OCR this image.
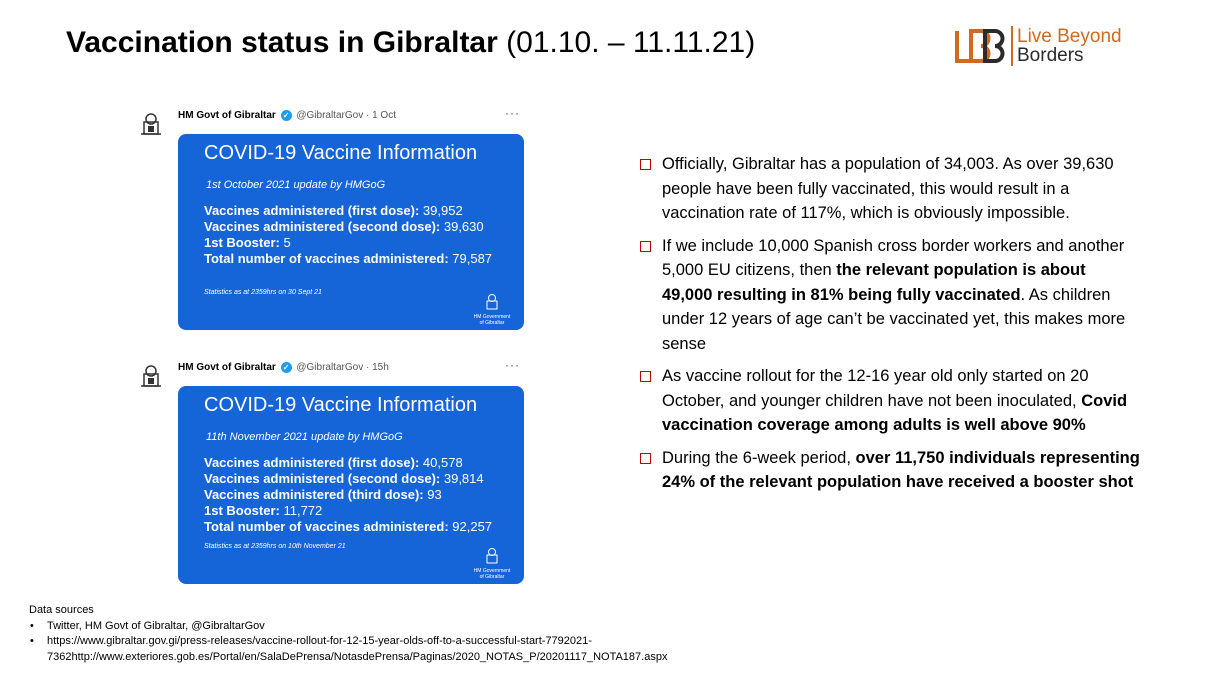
Vaccination status in Gibraltar (01.10. – 11.11.21)	Live Beyond
Borders
HM Govt of Gibraltar ✓ @GibraltarGov · 1 Oct	···
COVID-19 Vaccine Information
1st October 2021 update by HMGoG
Vaccines administered (first dose): 39,952
Vaccines administered (second dose): 39,630
1st Booster: 5
Total number of vaccines administered: 79,587
Statistics as at 2359hrs on 30 Sept 21
HM Government of Gibraltar
HM Govt of Gibraltar ✓ @GibraltarGov · 15h	···
COVID-19 Vaccine Information
11th November 2021 update by HMGoG
Vaccines administered (first dose): 40,578
Vaccines administered (second dose): 39,814
Vaccines administered (third dose): 93
1st Booster: 11,772
Total number of vaccines administered: 92,257
Statistics as at 2359hrs on 10th November 21
HM Government of Gibraltar
Officially, Gibraltar has a population of 34,003. As over 39,630 people have been fully vaccinated, this would result in a vaccination rate of 117%, which is obviously impossible.
If we include 10,000 Spanish cross border workers and another 5,000 EU citizens, then the relevant population is about 49,000 resulting in 81% being fully vaccinated. As children under 12 years of age can’t be vaccinated yet, this makes more sense
As vaccine rollout for the 12-16 year old only started on 20 October, and younger children have not been inoculated, Covid vaccination coverage among adults is well above 90%
During the 6-week period, over 11,750 individuals representing 24% of the relevant population have received a booster shot
Data sources
• Twitter, HM Govt of Gibraltar, @GibraltarGov
• https://www.gibraltar.gov.gi/press-releases/vaccine-rollout-for-12-15-year-olds-off-to-a-successful-start-7792021-7362http://www.exteriores.gob.es/Portal/en/SalaDePrensa/NotasdePrensa/Paginas/2020_NOTAS_P/20201117_NOTA187.aspx
